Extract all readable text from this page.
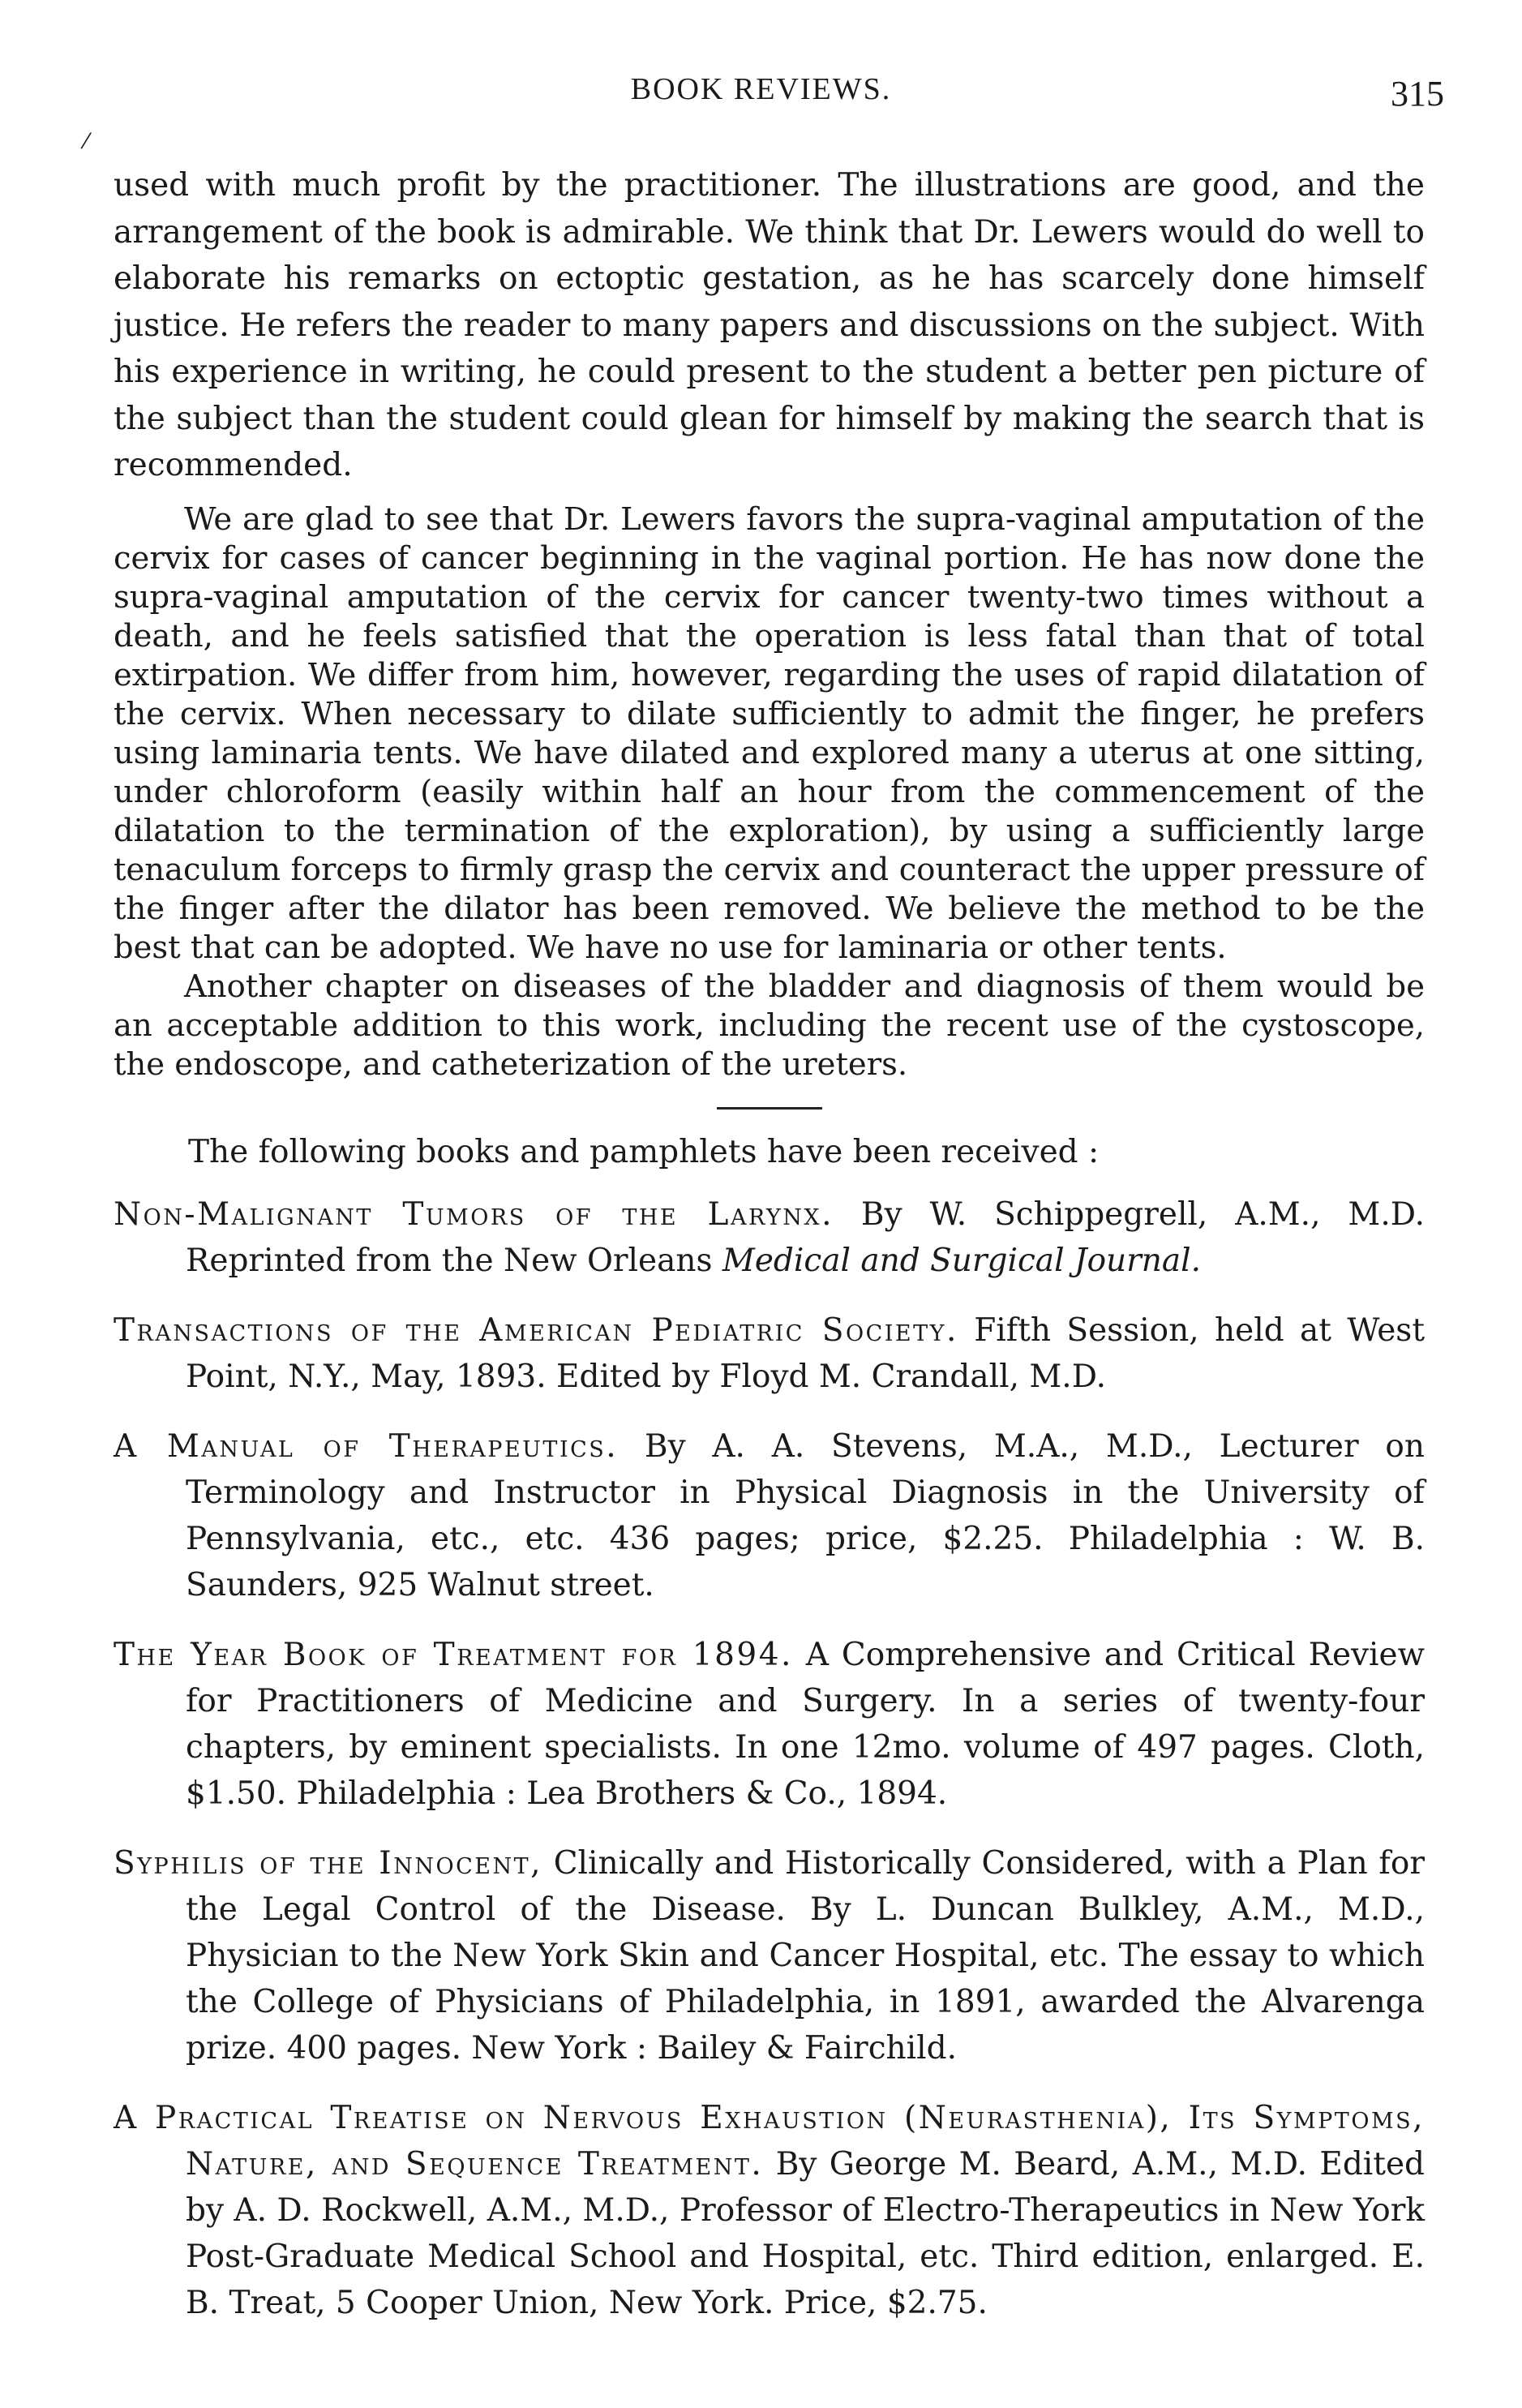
BOOK REVIEWS.	315
⁄

used with much profit by the practitioner. The illustrations are good, and the arrangement of the book is admirable. We think that Dr. Lewers would do well to elaborate his remarks on ectoptic gestation, as he has scarcely done himself justice. He refers the reader to many papers and discussions on the subject. With his experience in writing, he could present to the student a better pen picture of the subject than the student could glean for himself by making the search that is recommended.

We are glad to see that Dr. Lewers favors the supra-vaginal amputation of the cervix for cases of cancer beginning in the vaginal portion. He has now done the supra-vaginal amputation of the cervix for cancer twenty-two times without a death, and he feels satisfied that the operation is less fatal than that of total extirpation. We differ from him, however, regarding the uses of rapid dilatation of the cervix. When necessary to dilate sufficiently to admit the finger, he prefers using laminaria tents. We have dilated and explored many a uterus at one sitting, under chloroform (easily within half an hour from the commencement of the dilatation to the termination of the exploration), by using a sufficiently large tenaculum forceps to firmly grasp the cervix and counteract the upper pressure of the finger after the dilator has been removed. We believe the method to be the best that can be adopted. We have no use for laminaria or other tents.

Another chapter on diseases of the bladder and diagnosis of them would be an acceptable addition to this work, including the recent use of the cystoscope, the endoscope, and catheterization of the ureters.

The following books and pamphlets have been received :

Non-Malignant Tumors of the Larynx. By W. Schippegrell, A.M., M.D. Reprinted from the New Orleans Medical and Surgical Journal.
Transactions of the American Pediatric Society. Fifth Session, held at West Point, N.Y., May, 1893. Edited by Floyd M. Crandall, M.D.
A Manual of Therapeutics. By A. A. Stevens, M.A., M.D., Lecturer on Terminology and Instructor in Physical Diagnosis in the University of Pennsylvania, etc., etc. 436 pages; price, $2.25. Philadelphia : W. B. Saunders, 925 Walnut street.
The Year Book of Treatment for 1894. A Comprehensive and Critical Review for Practitioners of Medicine and Surgery. In a series of twenty-four chapters, by eminent specialists. In one 12mo. volume of 497 pages. Cloth, $1.50. Philadelphia : Lea Brothers & Co., 1894.
Syphilis of the Innocent, Clinically and Historically Considered, with a Plan for the Legal Control of the Disease. By L. Duncan Bulkley, A.M., M.D., Physician to the New York Skin and Cancer Hospital, etc. The essay to which the College of Physicians of Philadelphia, in 1891, awarded the Alvarenga prize. 400 pages. New York : Bailey & Fairchild.
A Practical Treatise on Nervous Exhaustion (Neurasthenia), Its Symptoms, Nature, and Sequence Treatment. By George M. Beard, A.M., M.D. Edited by A. D. Rockwell, A.M., M.D., Professor of Electro-Therapeutics in New York Post-Graduate Medical School and Hospital, etc. Third edition, enlarged. E. B. Treat, 5 Cooper Union, New York. Price, $2.75.
